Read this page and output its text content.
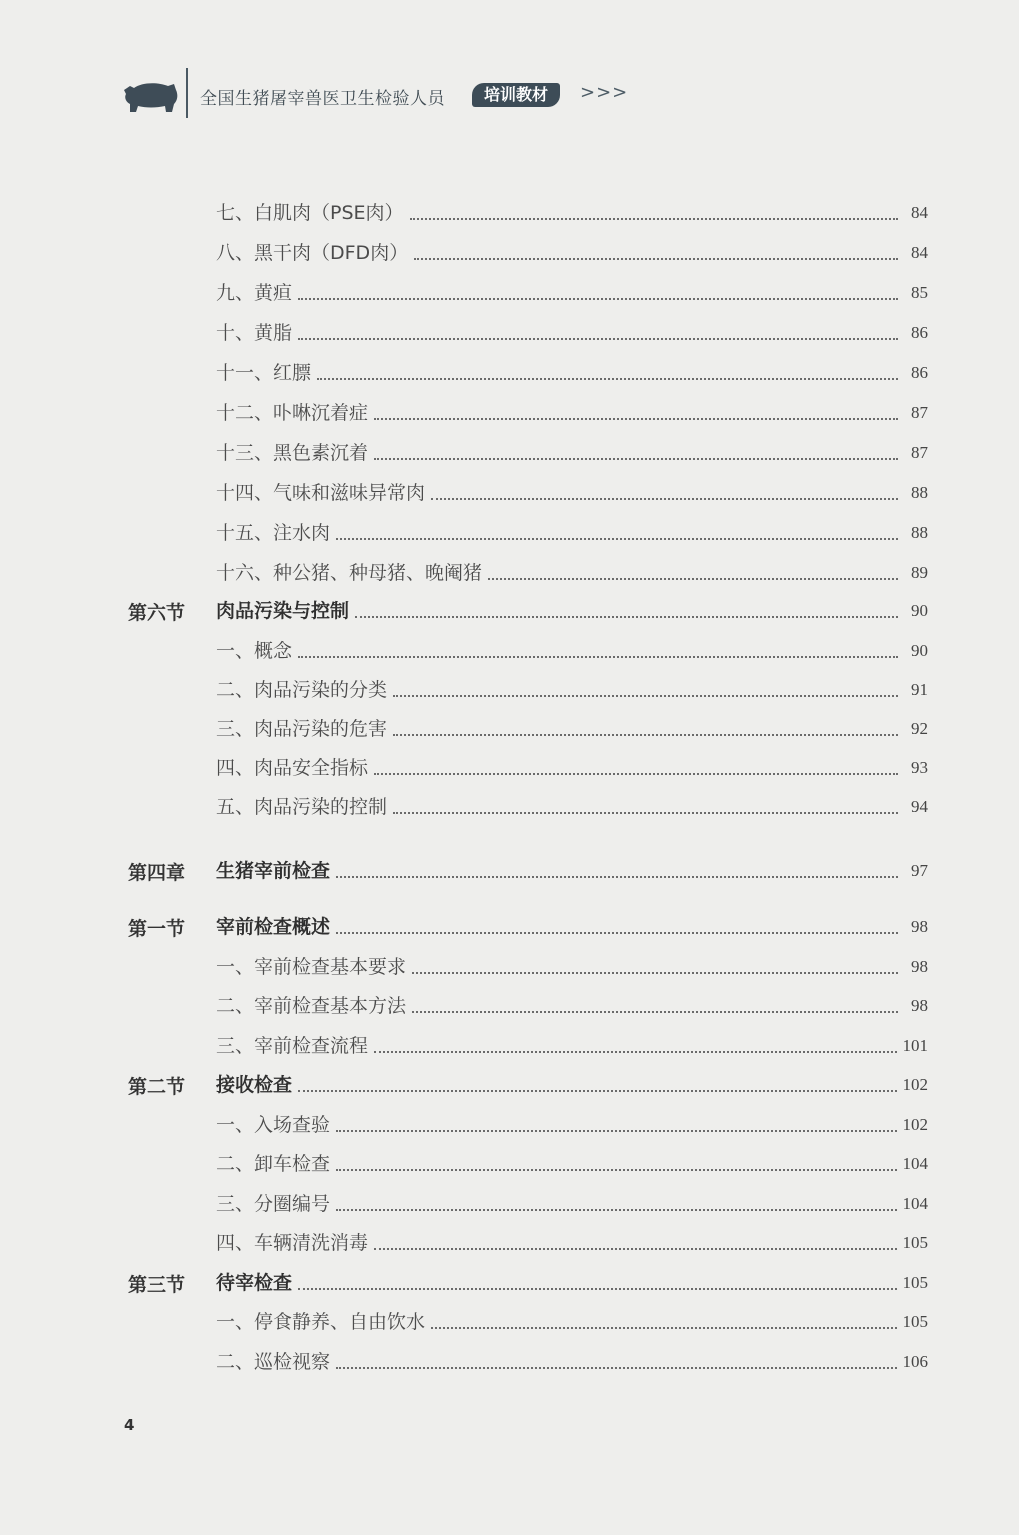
全国生猪屠宰兽医卫生检验人员	培训教材	>>>
七、白肌肉（PSE肉）	84
八、黑干肉（DFD肉）	84
九、黄疸	85
十、黄脂	86
十一、红膘	86
十二、卟啉沉着症	87
十三、黑色素沉着	87
十四、气味和滋味异常肉	88
十五、注水肉	88
十六、种公猪、种母猪、晚阉猪	89
第六节 肉品污染与控制	90
一、概念	90
二、肉品污染的分类	91
三、肉品污染的危害	92
四、肉品安全指标	93
五、肉品污染的控制	94
第四章 生猪宰前检查	97
第一节 宰前检查概述	98
一、宰前检查基本要求	98
二、宰前检查基本方法	98
三、宰前检查流程	101
第二节 接收检查	102
一、入场查验	102
二、卸车检查	104
三、分圈编号	104
四、车辆清洗消毒	105
第三节 待宰检查	105
一、停食静养、自由饮水	105
二、巡检视察	106
4
